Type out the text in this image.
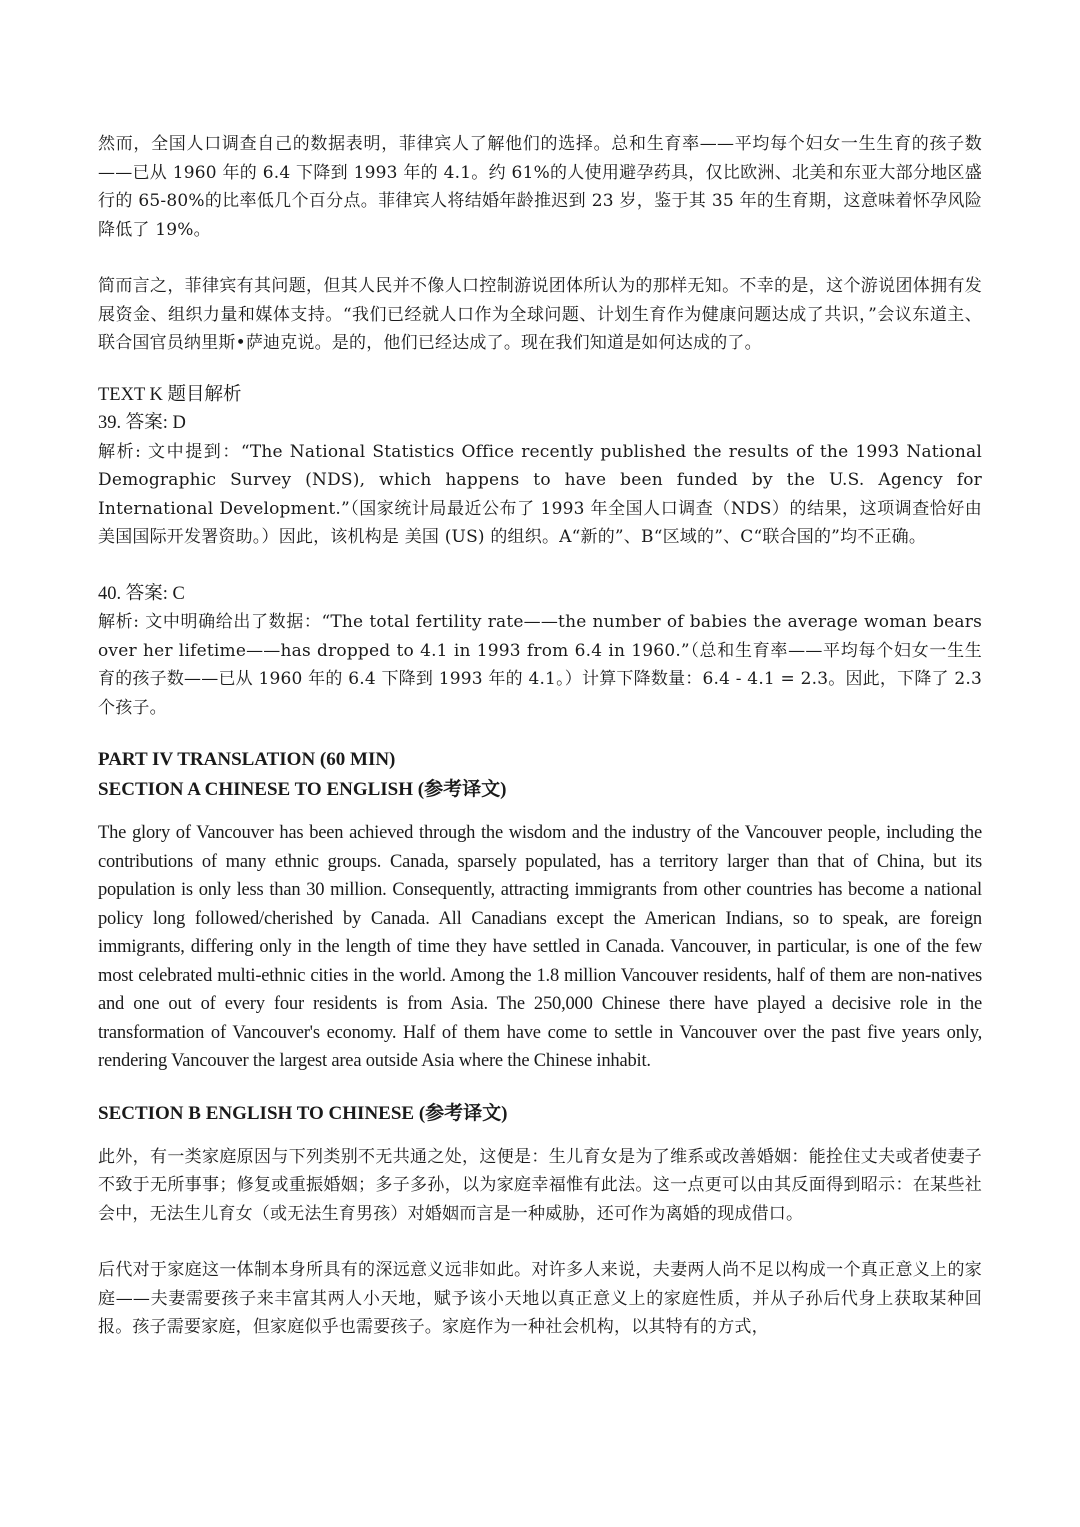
然而，全国人口调查自己的数据表明，菲律宾人了解他们的选择。总和生育率——平均每个妇女一生生育的孩子数——已从 1960 年的 6.4 下降到 1993 年的 4.1。约 61%的人使用避孕药具，仅比欧洲、北美和东亚大部分地区盛行的 65-80%的比率低几个百分点。菲律宾人将结婚年龄推迟到 23 岁，鉴于其 35 年的生育期，这意味着怀孕风险降低了 19%。

简而言之，菲律宾有其问题，但其人民并不像人口控制游说团体所认为的那样无知。不幸的是，这个游说团体拥有发展资金、组织力量和媒体支持。“我们已经就人口作为全球问题、计划生育作为健康问题达成了共识，”会议东道主、联合国官员纳里斯•萨迪克说。是的，他们已经达成了。现在我们知道是如何达成的了。

TEXT K 题目解析
39. 答案: D

解析: 文中提到：“The National Statistics Office recently published the results of the 1993 National Demographic Survey (NDS), which happens to have been funded by the U.S. Agency for International Development.”（国家统计局最近公布了 1993 年全国人口调查（NDS）的结果，这项调查恰好由美国国际开发署资助。）因此，该机构是 美国 (US) 的组织。A“新的”、B“区域的”、C“联合国的”均不正确。

40. 答案: C

解析: 文中明确给出了数据：“The total fertility rate——the number of babies the average woman bears over her lifetime——has dropped to 4.1 in 1993 from 6.4 in 1960.”（总和生育率——平均每个妇女一生生育的孩子数——已从 1960 年的 6.4 下降到 1993 年的 4.1。）计算下降数量：6.4 - 4.1 = 2.3。因此，下降了 2.3 个孩子。

PART IV TRANSLATION (60 MIN)
SECTION A CHINESE TO ENGLISH (参考译文)

The glory of Vancouver has been achieved through the wisdom and the industry of the Vancouver people, including the contributions of many ethnic groups. Canada, sparsely populated, has a territory larger than that of China, but its population is only less than 30 million. Consequently, attracting immigrants from other countries has become a national policy long followed/cherished by Canada. All Canadians except the American Indians, so to speak, are foreign immigrants, differing only in the length of time they have settled in Canada. Vancouver, in particular, is one of the few most celebrated multi-ethnic cities in the world. Among the 1.8 million Vancouver residents, half of them are non-natives and one out of every four residents is from Asia. The 250,000 Chinese there have played a decisive role in the transformation of Vancouver's economy. Half of them have come to settle in Vancouver over the past five years only, rendering Vancouver the largest area outside Asia where the Chinese inhabit.

SECTION B ENGLISH TO CHINESE (参考译文)

此外，有一类家庭原因与下列类别不无共通之处，这便是：生儿育女是为了维系或改善婚姻：能拴住丈夫或者使妻子不致于无所事事；修复或重振婚姻；多子多孙，以为家庭幸福惟有此法。这一点更可以由其反面得到昭示：在某些社会中，无法生儿育女（或无法生育男孩）对婚姻而言是一种威胁，还可作为离婚的现成借口。

后代对于家庭这一体制本身所具有的深远意义远非如此。对许多人来说，夫妻两人尚不足以构成一个真正意义上的家庭——夫妻需要孩子来丰富其两人小天地，赋予该小天地以真正意义上的家庭性质，并从子孙后代身上获取某种回报。孩子需要家庭，但家庭似乎也需要孩子。家庭作为一种社会机构，以其特有的方式，
